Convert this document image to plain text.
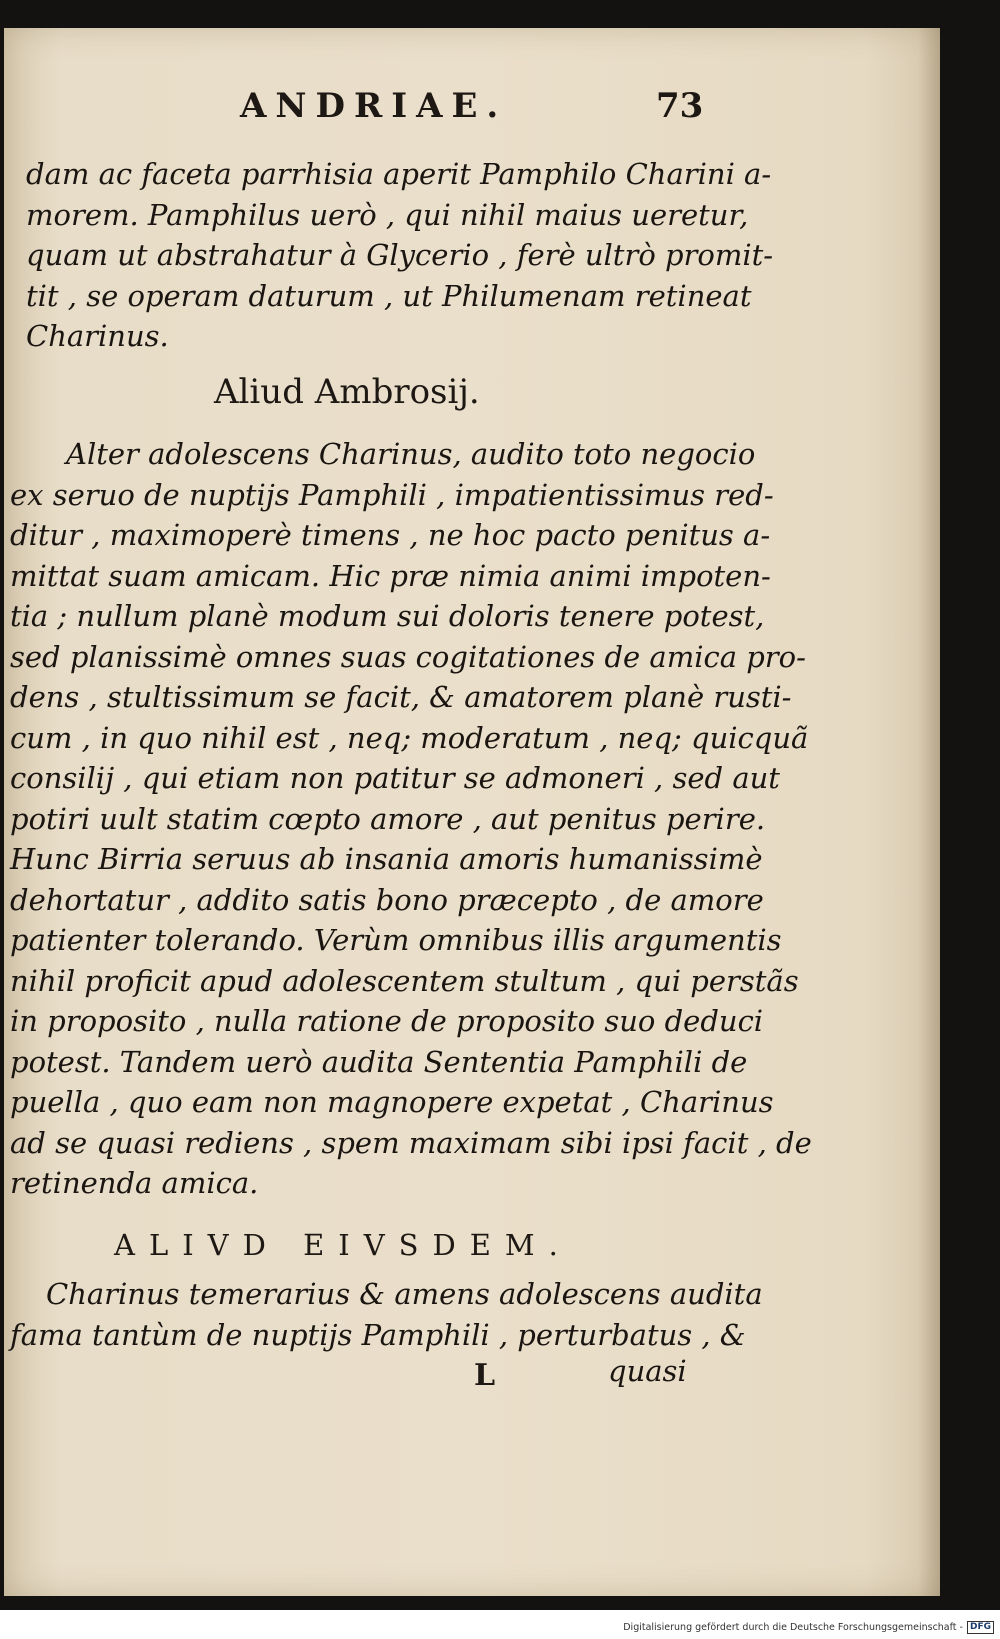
ANDRIAE.	73
dam ac faceta parrhisia aperit Pamphilo Charini a-
morem. Pamphilus uerò , qui nihil maius ueretur,
quam ut abstrahatur à Glycerio , ferè ultrò promit-
tit , se operam daturum , ut Philumenam retineat
Charinus.
Aliud Ambrosij.
Alter adolescens Charinus, audito toto negocio
ex seruo de nuptijs Pamphili , impatientissimus red-
ditur , maximoperè timens , ne hoc pacto penitus a-
mittat suam amicam. Hic præ nimia animi impoten-
tia ; nullum planè modum sui doloris tenere potest,
sed planissimè omnes suas cogitationes de amica pro-
dens , stultissimum se facit, & amatorem planè rusti-
cum , in quo nihil est , neq; moderatum , neq; quicquã
consilij , qui etiam non patitur se admoneri , sed aut
potiri uult statim cœpto amore , aut penitus perire.
Hunc Birria seruus ab insania amoris humanissimè
dehortatur , addito satis bono præcepto , de amore
patienter tolerando. Verùm omnibus illis argumentis
nihil proficit apud adolescentem stultum , qui perstãs
in proposito , nulla ratione de proposito suo deduci
potest. Tandem uerò audita Sententia Pamphili de
puella , quo eam non magnopere expetat , Charinus
ad se quasi rediens , spem maximam sibi ipsi facit , de
retinenda amica.
ALIVD EIVSDEM.
Charinus temerarius & amens adolescens audita
fama tantùm de nuptijs Pamphili , perturbatus , &
L	quasi
Digitalisierung gefördert durch die Deutsche Forschungsgemeinschaft - DFG
